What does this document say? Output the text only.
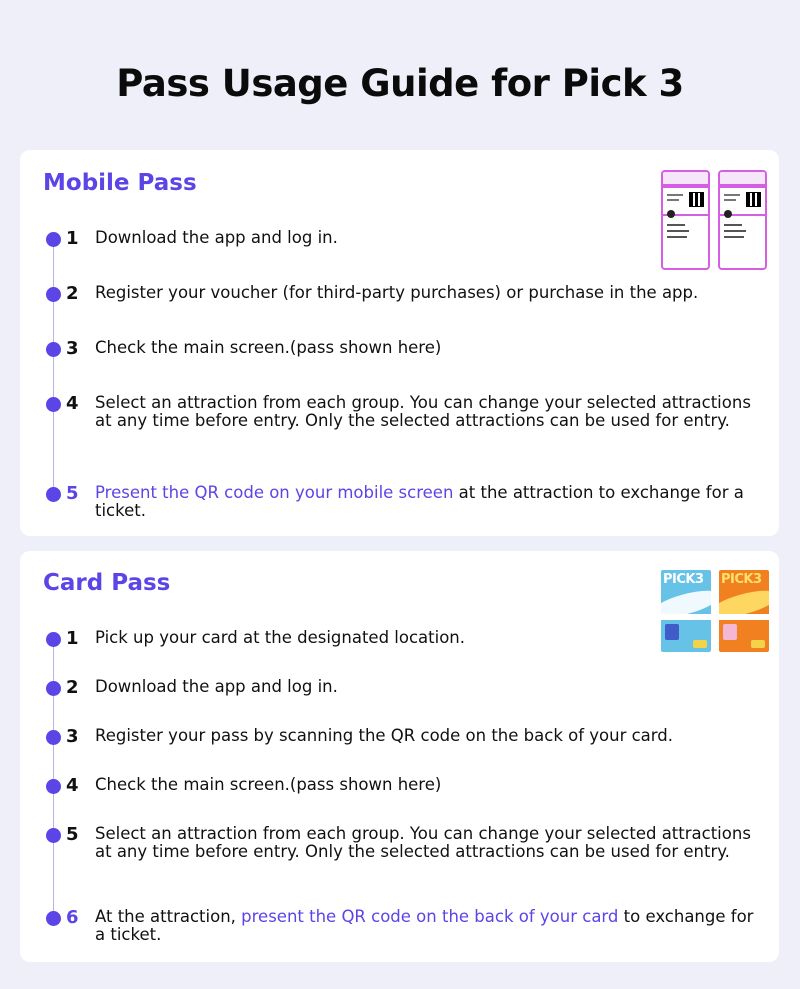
Pass Usage Guide for Pick 3
Mobile Pass
1 Download the app and log in.
2 Register your voucher (for third-party purchases) or purchase in the app.
3 Check the main screen.(pass shown here)
4 Select an attraction from each group. You can change your selected attractions at any time before entry. Only the selected attractions can be used for entry.
5 Present the QR code on your mobile screen at the attraction to exchange for a ticket.
Card Pass	PICK3 PICK3
1 Pick up your card at the designated location.
2 Download the app and log in.
3 Register your pass by scanning the QR code on the back of your card.
4 Check the main screen.(pass shown here)
5 Select an attraction from each group. You can change your selected attractions at any time before entry. Only the selected attractions can be used for entry.
6 At the attraction, present the QR code on the back of your card to exchange for a ticket.
